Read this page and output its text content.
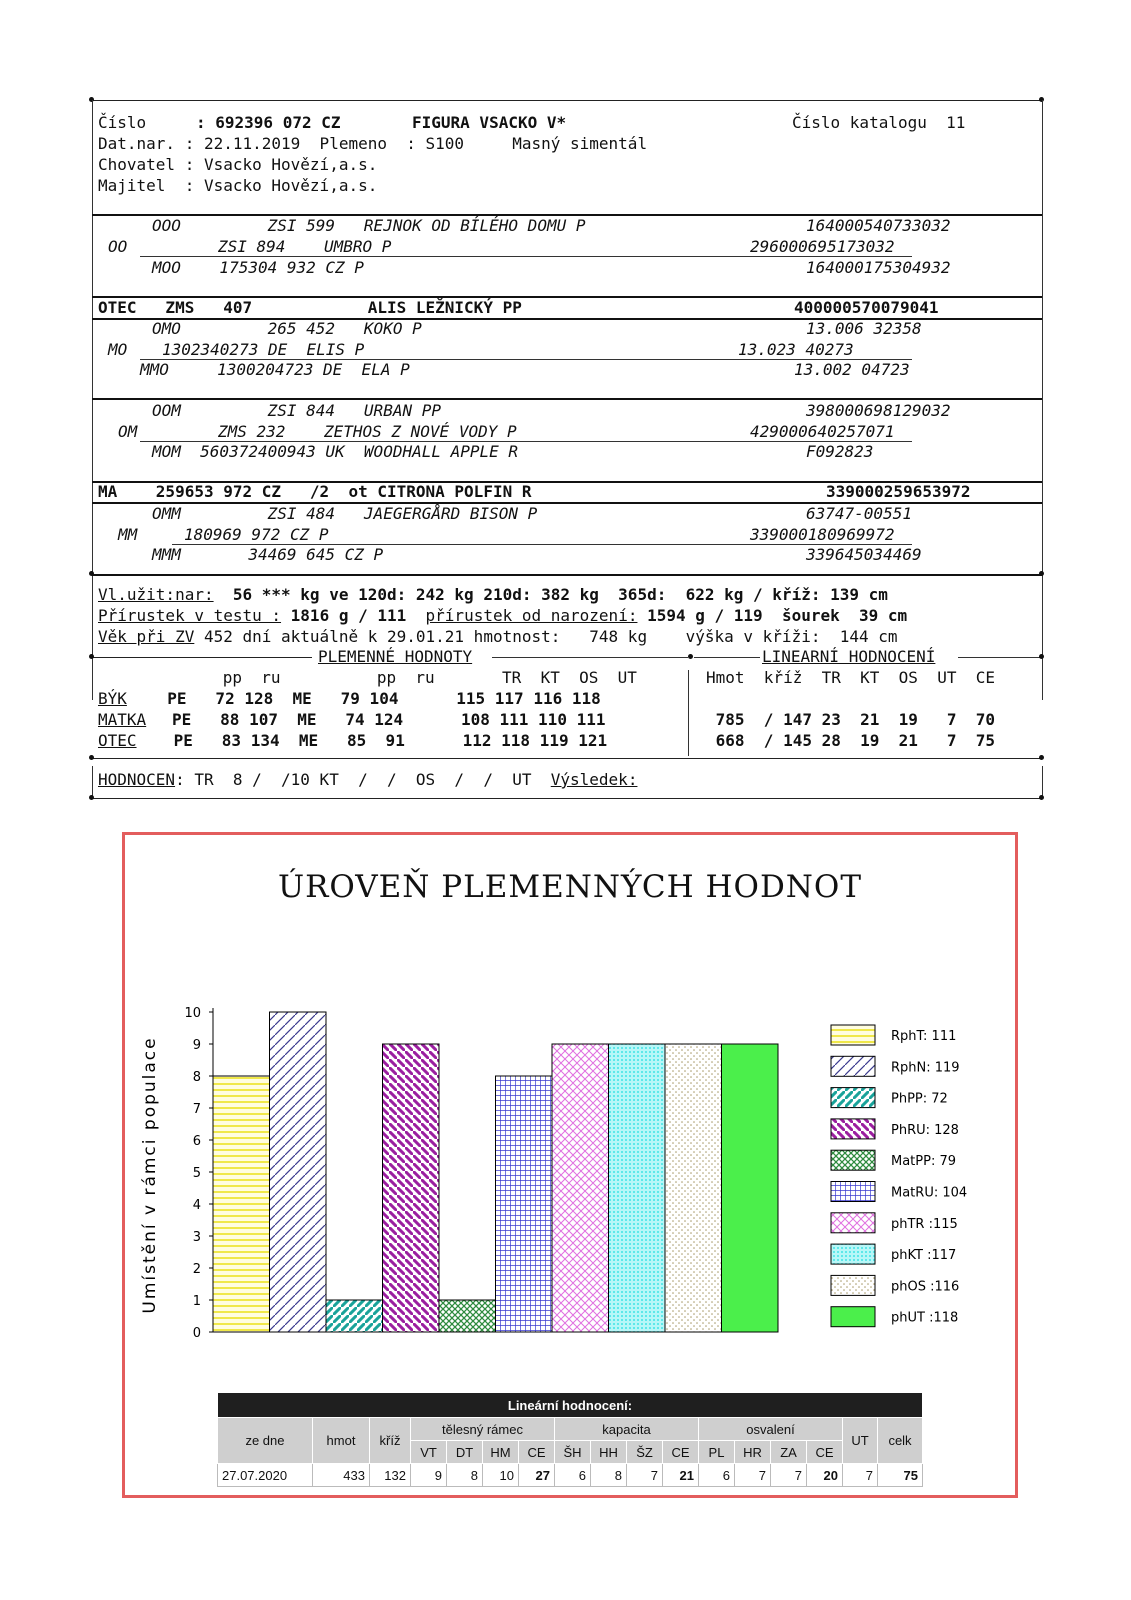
Číslo	: 692396 072 CZ	FIGURA VSACKO V*	Číslo katalogu  11
Dat.nar. : 22.11.2019  Plemeno  : S100     Masný simentál
Chovatel : Vsacko Hovězí,a.s.
Majitel  : Vsacko Hovězí,a.s.
OOO         ZSI 599   REJNOK OD BÍLÉHO DOMU P	164000540733032
OO	ZSI 894    UMBRO P	296000695173032
MOO    175304 932 CZ P	164000175304932
OTEC   ZMS   407            ALIS LEŽNICKÝ PP	400000570079041
OMO         265 452   KOKO P	13.006 32358
MO 1302340273 DE  ELIS P	13.023 40273
MMO     1300204723 DE  ELA P	13.002 04723
OOM         ZSI 844   URBAN PP	398000698129032
OM	ZMS 232    ZETHOS Z NOVÉ VODY P	429000640257071
MOM  560372400943 UK  WOODHALL APPLE R	F092823
MA    259653 972 CZ   /2  ot CITRONA POLFIN R	339000259653972
OMM         ZSI 484   JAEGERGÅRD BISON P	63747-00551
MM	180969 972 CZ P	339000180969972
MMM       34469 645 CZ P	339645034469
Vl.užit:nar:  56 *** kg ve 120d: 242 kg 210d: 382 kg  365d:  622 kg / kříž: 139 cm
Přírustek v testu : 1816 g / 111  přírustek od narození: 1594 g / 119  šourek  39 cm
Věk při ZV 452 dní aktuálně k 29.01.21 hmotnost:   748 kg    výška v kříži:  144 cm
PLEMENNÉ HODNOTY	LINEARNÍ HODNOCENÍ
pp  ru          pp  ru       TR  KT  OS  UT	Hmot  kříž  TR  KT  OS  UT  CE
BÝK PE   72 128  ME   79 104      115 117 116 118
MATKA PE   88 107  ME   74 124      108 111 110 111	785  / 147 23  21  19   7  70
OTEC PE   83 134  ME   85  91      112 118 119 121	668  / 145 28  19  21   7  75
HODNOCEN: TR  8 /  /10 KT  /  /  OS  /  /  UT  Výsledek:
ÚROVEŇ PLEMENNÝCH HODNOT
0
1
2
3
4
5
6
7
8
9
10
RphT: 111
RphN: 119
PhPP: 72
PhRU: 128
MatPP: 79
MatRU: 104
phTR :115
phKT :117
phOS :116
phUT :118
Umístění v rámci populace
Lineární hodnocení:																
ze dne	hmot	kříž	tělesný rámec				kapacita				osvalení				UT	celk
			VT	DT	HM	CE	ŠH	HH	ŠZ	CE	PL	HR	ZA	CE		
27.07.2020	433	132	9	8	10	27	6	8	7	21	6	7	7	20	7	75
